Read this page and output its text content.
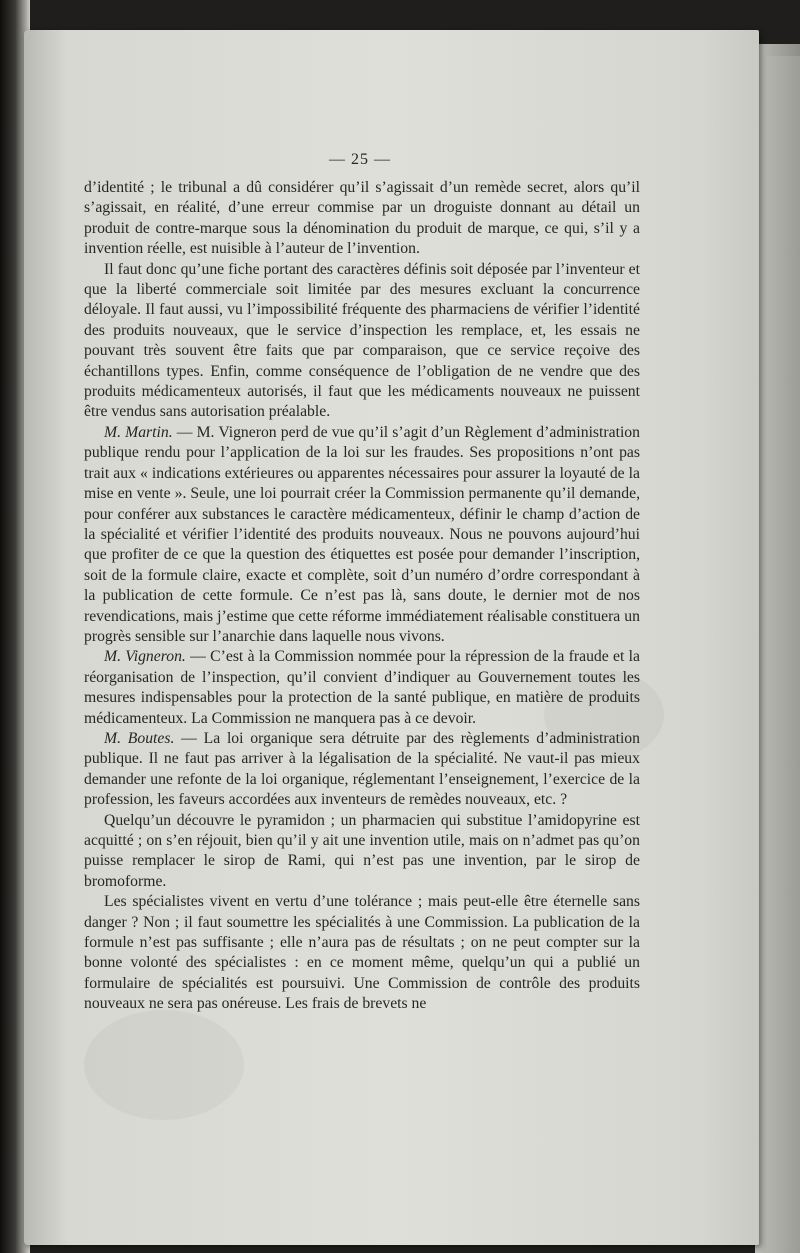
— 25 —

d’identité ; le tribunal a dû considérer qu’il s’agissait d’un remède secret, alors qu’il s’agissait, en réalité, d’une erreur commise par un droguiste donnant au détail un produit de contre-marque sous la dénomination du produit de marque, ce qui, s’il y a invention réelle, est nuisible à l’auteur de l’invention.

Il faut donc qu’une fiche portant des caractères définis soit déposée par l’inventeur et que la liberté commerciale soit limitée par des mesures excluant la concurrence déloyale. Il faut aussi, vu l’impossibilité fréquente des pharmaciens de vérifier l’identité des produits nouveaux, que le service d’inspection les remplace, et, les essais ne pouvant très souvent être faits que par comparaison, que ce service reçoive des échantillons types. Enfin, comme conséquence de l’obligation de ne vendre que des produits médicamenteux autorisés, il faut que les médicaments nouveaux ne puissent être vendus sans autorisation préalable.

M. Martin. — M. Vigneron perd de vue qu’il s’agit d’un Règlement d’administration publique rendu pour l’application de la loi sur les fraudes. Ses propositions n’ont pas trait aux « indications extérieures ou apparentes nécessaires pour assurer la loyauté de la mise en vente ». Seule, une loi pourrait créer la Commission permanente qu’il demande, pour conférer aux substances le caractère médicamenteux, définir le champ d’action de la spécialité et vérifier l’identité des produits nouveaux. Nous ne pouvons aujourd’hui que profiter de ce que la question des étiquettes est posée pour demander l’inscription, soit de la formule claire, exacte et complète, soit d’un numéro d’ordre correspondant à la publication de cette formule. Ce n’est pas là, sans doute, le dernier mot de nos revendications, mais j’estime que cette réforme immédiatement réalisable constituera un progrès sensible sur l’anarchie dans laquelle nous vivons.

M. Vigneron. — C’est à la Commission nommée pour la répression de la fraude et la réorganisation de l’inspection, qu’il convient d’indiquer au Gouvernement toutes les mesures indispensables pour la protection de la santé publique, en matière de produits médicamenteux. La Commission ne manquera pas à ce devoir.

M. Boutes. — La loi organique sera détruite par des règlements d’administration publique. Il ne faut pas arriver à la légalisation de la spécialité. Ne vaut-il pas mieux demander une refonte de la loi organique, réglementant l’enseignement, l’exercice de la profession, les faveurs accordées aux inventeurs de remèdes nouveaux, etc. ?

Quelqu’un découvre le pyramidon ; un pharmacien qui substitue l’amidopyrine est acquitté ; on s’en réjouit, bien qu’il y ait une invention utile, mais on n’admet pas qu’on puisse remplacer le sirop de Rami, qui n’est pas une invention, par le sirop de bromoforme.

Les spécialistes vivent en vertu d’une tolérance ; mais peut-elle être éternelle sans danger ? Non ; il faut soumettre les spécialités à une Commission. La publication de la formule n’est pas suffisante ; elle n’aura pas de résultats ; on ne peut compter sur la bonne volonté des spécialistes : en ce moment même, quelqu’un qui a publié un formulaire de spécialités est poursuivi. Une Commission de contrôle des produits nouveaux ne sera pas onéreuse. Les frais de brevets ne
